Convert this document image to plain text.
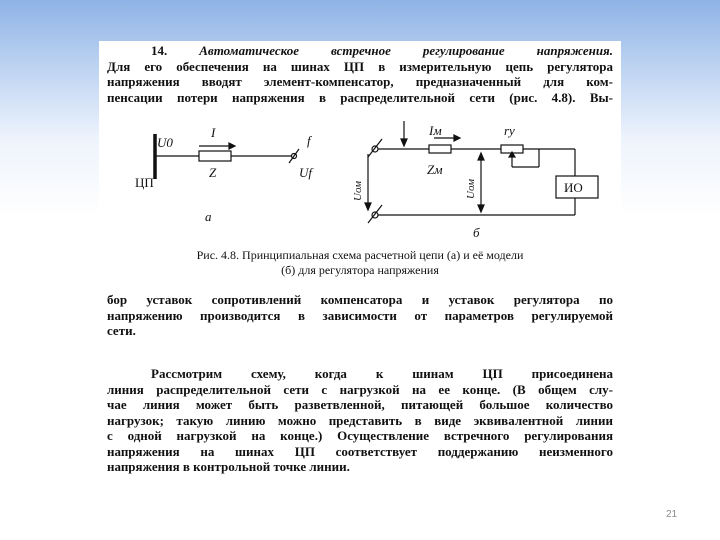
14. Автоматическое встречное регулирование напряжения.
Для его обеспечения на шинах ЦП в измерительную цепь регулятора
напряжения вводят элемент-компенсатор, предназначенный для ком-
пенсации потери напряжения в распределительной сети (рис. 4.8). Вы-
U0
I
Z
f
Uf
а
Iм
Zм
rу
б
Uом	Uом
ЦП	ИО
Рис. 4.8. Принципиальная схема расчетной цепи (а) и её модели
(б) для регулятора напряжения
бор уставок сопротивлений компенсатора и уставок регулятора по
напряжению производится в зависимости от параметров регулируемой
сети.
Рассмотрим схему, когда к шинам ЦП присоединена
линия распределительной сети с нагрузкой на ее конце. (В общем слу-
чае линия может быть разветвленной, питающей большое количество
нагрузок; такую линию можно представить в виде эквивалентной линии
с одной нагрузкой на конце.) Осуществление встречного регулирования
напряжения на шинах ЦП соответствует поддержанию неизменного
напряжения в контрольной точке линии.
21
